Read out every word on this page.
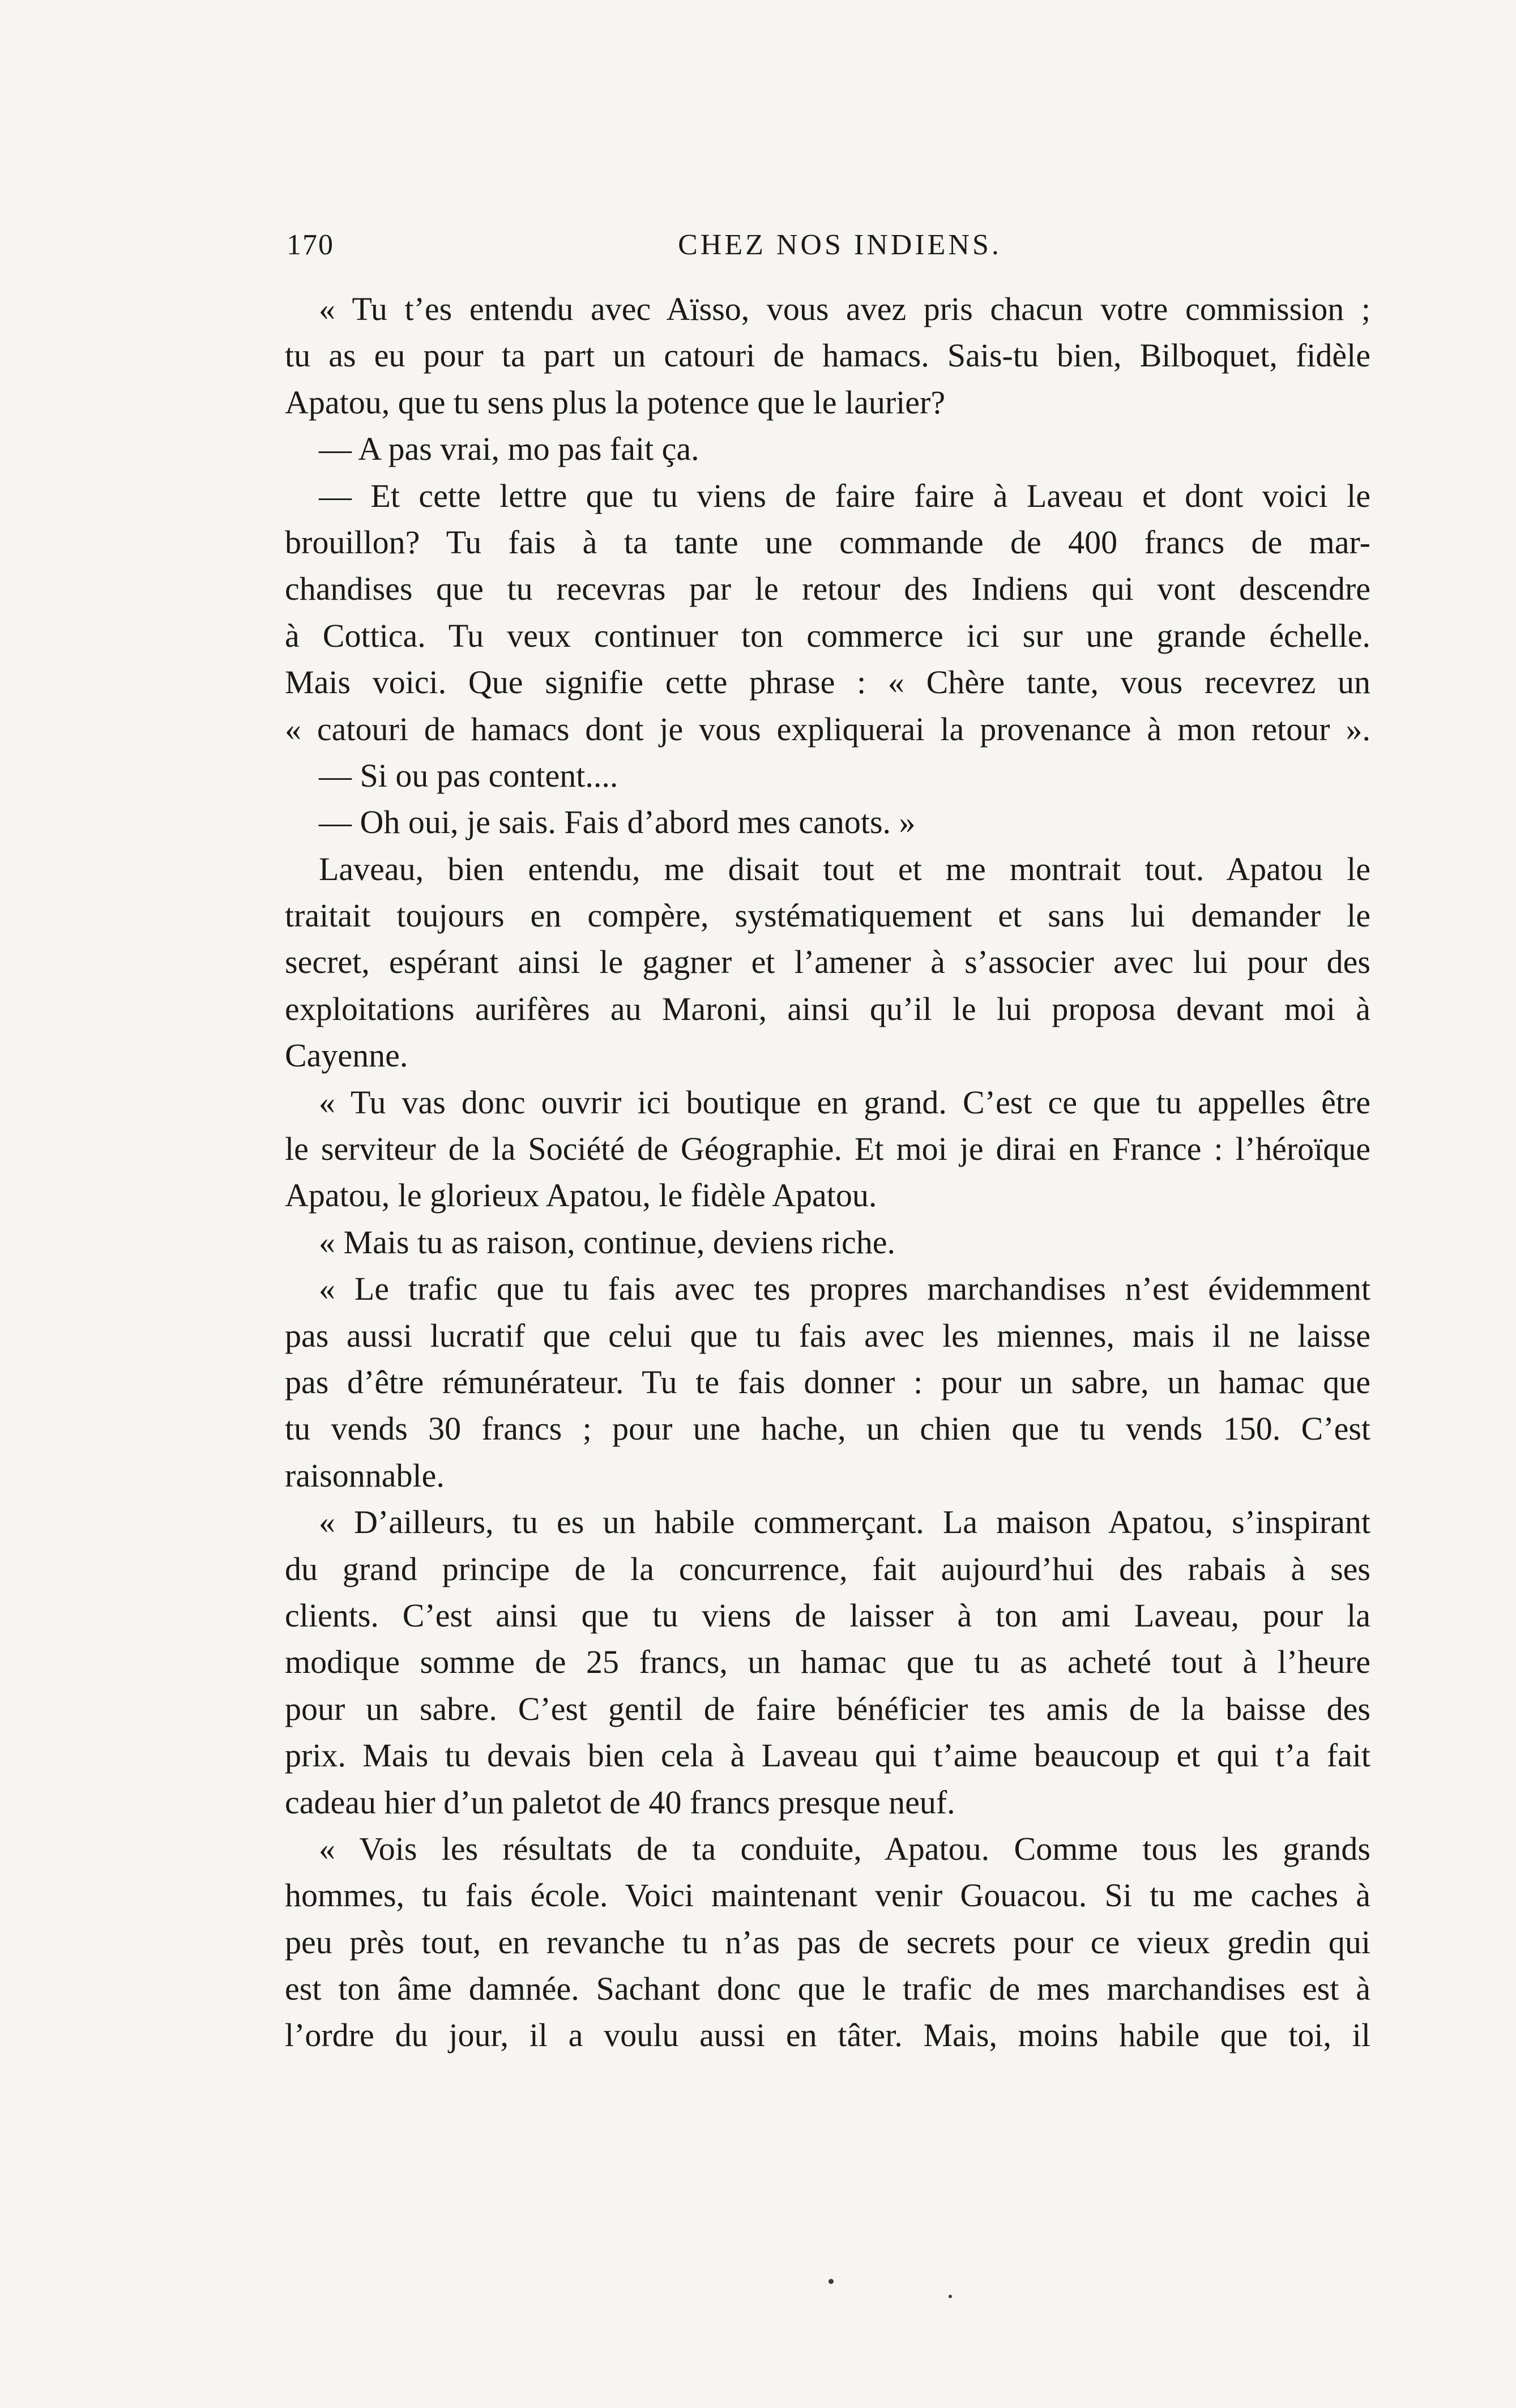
170	CHEZ NOS INDIENS.
« Tu t’es entendu avec Aïsso, vous avez pris chacun votre commission ;
tu as eu pour ta part un catouri de hamacs. Sais-tu bien, Bilboquet, fidèle
Apatou, que tu sens plus la potence que le laurier?
— A pas vrai, mo pas fait ça.
— Et cette lettre que tu viens de faire faire à Laveau et dont voici le
brouillon? Tu fais à ta tante une commande de 400 francs de mar-
chandises que tu recevras par le retour des Indiens qui vont descendre
à Cottica. Tu veux continuer ton commerce ici sur une grande échelle.
Mais voici. Que signifie cette phrase : « Chère tante, vous recevrez un
« catouri de hamacs dont je vous expliquerai la provenance à mon retour ».
— Si ou pas content....
— Oh oui, je sais. Fais d’abord mes canots. »
Laveau, bien entendu, me disait tout et me montrait tout. Apatou le
traitait toujours en compère, systématiquement et sans lui demander le
secret, espérant ainsi le gagner et l’amener à s’associer avec lui pour des
exploitations aurifères au Maroni, ainsi qu’il le lui proposa devant moi à
Cayenne.
« Tu vas donc ouvrir ici boutique en grand. C’est ce que tu appelles être
le serviteur de la Société de Géographie. Et moi je dirai en France : l’héroïque
Apatou, le glorieux Apatou, le fidèle Apatou.
« Mais tu as raison, continue, deviens riche.
« Le trafic que tu fais avec tes propres marchandises n’est évidemment
pas aussi lucratif que celui que tu fais avec les miennes, mais il ne laisse
pas d’être rémunérateur. Tu te fais donner : pour un sabre, un hamac que
tu vends 30 francs ; pour une hache, un chien que tu vends 150. C’est
raisonnable.
« D’ailleurs, tu es un habile commerçant. La maison Apatou, s’inspirant
du grand principe de la concurrence, fait aujourd’hui des rabais à ses
clients. C’est ainsi que tu viens de laisser à ton ami Laveau, pour la
modique somme de 25 francs, un hamac que tu as acheté tout à l’heure
pour un sabre. C’est gentil de faire bénéficier tes amis de la baisse des
prix. Mais tu devais bien cela à Laveau qui t’aime beaucoup et qui t’a fait
cadeau hier d’un paletot de 40 francs presque neuf.
« Vois les résultats de ta conduite, Apatou. Comme tous les grands
hommes, tu fais école. Voici maintenant venir Gouacou. Si tu me caches à
peu près tout, en revanche tu n’as pas de secrets pour ce vieux gredin qui
est ton âme damnée. Sachant donc que le trafic de mes marchandises est à
l’ordre du jour, il a voulu aussi en tâter. Mais, moins habile que toi, il
